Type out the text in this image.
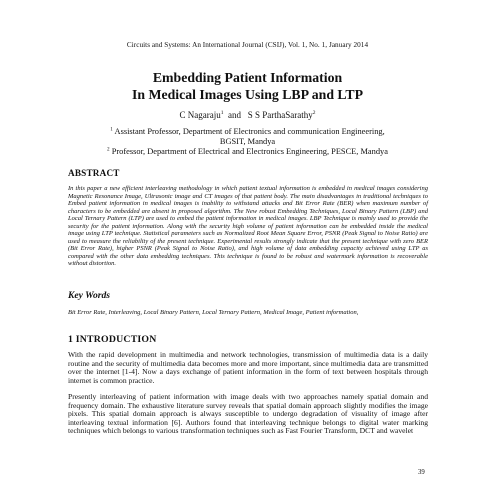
Circuits and Systems: An International Journal (CSIJ), Vol. 1, No. 1, January 2014
Embedding Patient Information
In Medical Images Using LBP and LTP
C Nagaraju$^1$ and S S ParthaSarathy$^2$
$^1$ Assistant Professor, Department of Electronics and communication Engineering,
BGSIT, Mandya
$^2$ Professor, Department of Electrical and Electronics Engineering, PESCE, Mandya
ABSTRACT

In this paper a new efficient interleaving methodology in which patient textual information is embedded in medical images considering Magnetic Resonance Image, Ultrasonic image and CT images of that patient body. The main disadvantages in traditional techniques to Embed patient information in medical images is inability to withstand attacks and Bit Error Rate (BER) when maximum number of characters to be embedded are absent in proposed algorithm. The New robust Embedding Techniques, Local Binary Pattern (LBP) and Local Ternary Pattern (LTP) are used to embed the patient information in medical images. LBP Technique is mainly used to provide the security for the patient information. Along with the security high volume of patient information can be embedded inside the medical image using LTP technique. Statistical parameters such as Normalized Root Mean Square Error, PSNR (Peak Signal to Noise Ratio) are used to measure the reliability of the present technique. Experimental results strongly indicate that the present technique with zero BER (Bit Error Rate), higher PSNR (Peak Signal to Noise Ratio), and high volume of data embedding capacity achieved using LTP as compared with the other data embedding techniques. This technique is found to be robust and watermark information is recoverable without distortion.

Key Words

Bit Error Rate, Interleaving, Local Binary Pattern, Local Ternary Pattern, Medical Image, Patient information,

1 INTRODUCTION

With the rapid development in multimedia and network technologies, transmission of multimedia data is a daily routine and the security of multimedia data becomes more and more important, since multimedia data are transmitted over the internet [1-4]. Now a days exchange of patient information in the form of text between hospitals through internet is common practice.

Presently interleaving of patient information with image deals with two approaches namely spatial domain and frequency domain. The exhaustive literature survey reveals that spatial domain approach slightly modifies the image pixels. This spatial domain approach is always susceptible to undergo degradation of visuality of image after interleaving textual information [6]. Authors found that interleaving technique belongs to digital water marking techniques which belongs to various transformation techniques such as Fast Fourier Transform, DCT and wavelet

39
